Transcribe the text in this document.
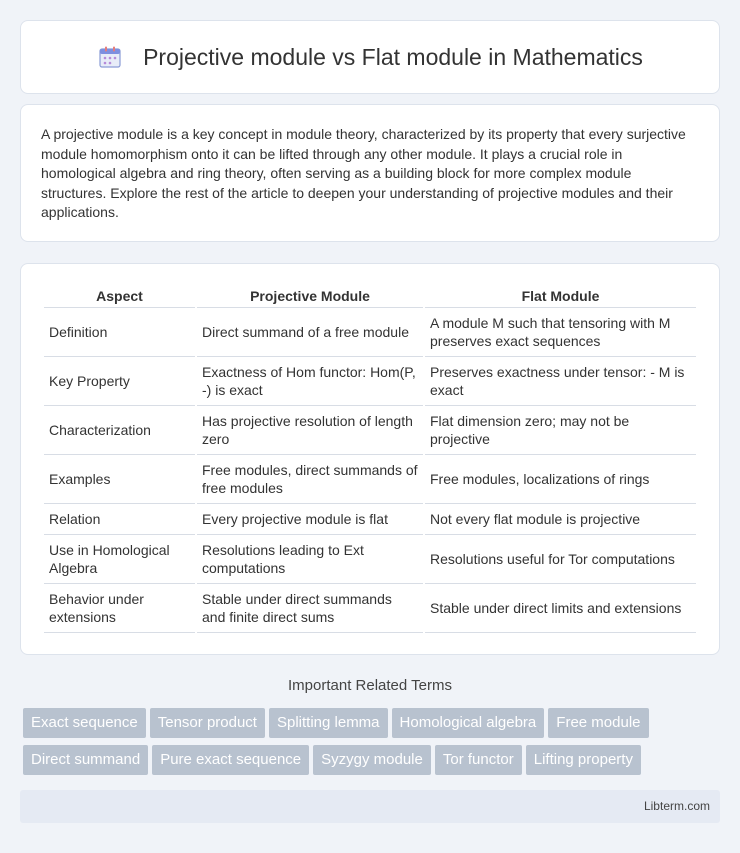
Projective module vs Flat module in Mathematics

A projective module is a key concept in module theory, characterized by its property that every surjective module homomorphism onto it can be lifted through any other module. It plays a crucial role in homological algebra and ring theory, often serving as a building block for more complex module structures. Explore the rest of the article to deepen your understanding of projective modules and their applications.

Aspect	Projective Module	Flat Module
Definition	Direct summand of a free module	A module M such that tensoring with M preserves exact sequences
Key Property	Exactness of Hom functor: Hom(P, -) is exact	Preserves exactness under tensor: - M is exact
Characterization	Has projective resolution of length zero	Flat dimension zero; may not be projective
Examples	Free modules, direct summands of free modules	Free modules, localizations of rings
Relation	Every projective module is flat	Not every flat module is projective
Use in Homological Algebra	Resolutions leading to Ext computations	Resolutions useful for Tor computations
Behavior under extensions	Stable under direct summands and finite direct sums	Stable under direct limits and extensions
Important Related Terms
Exact sequence Tensor product Splitting lemma Homological algebra Free module
Direct summand Pure exact sequence Syzygy module Tor functor Lifting property
Libterm.com
